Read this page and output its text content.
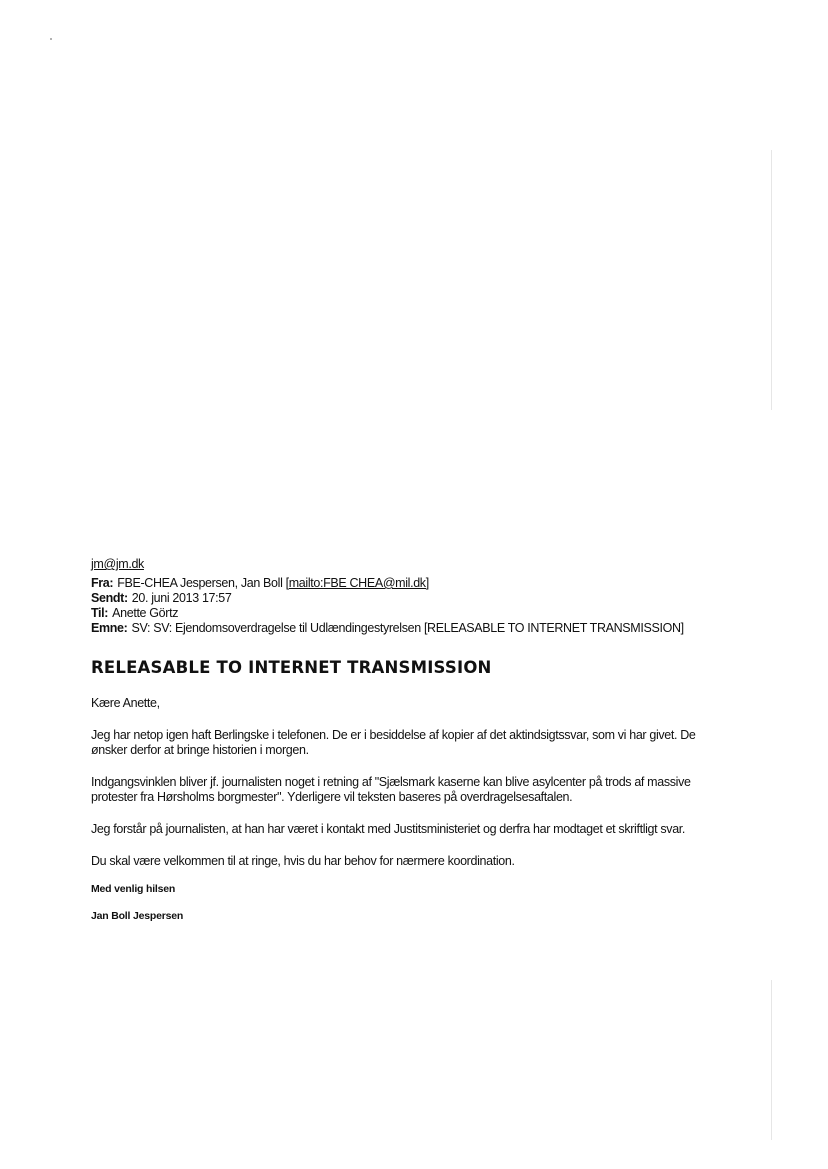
jm@jm.dk
Fra: FBE-CHEA Jespersen, Jan Boll [mailto:FBE CHEA@mil.dk]
Sendt: 20. juni 2013 17:57
Til: Anette Görtz
Emne: SV: SV: Ejendomsoverdragelse til Udlændingestyrelsen [RELEASABLE TO INTERNET TRANSMISSION]
RELEASABLE TO INTERNET TRANSMISSION
Kære Anette,
Jeg har netop igen haft Berlingske i telefonen. De er i besiddelse af kopier af det aktindsigtssvar, som vi har givet. De ønsker derfor at bringe historien i morgen.
Indgangsvinklen bliver jf. journalisten noget i retning af "Sjælsmark kaserne kan blive asylcenter på trods af massive protester fra Hørsholms borgmester". Yderligere vil teksten baseres på overdragelsesaftalen.
Jeg forstår på journalisten, at han har været i kontakt med Justitsministeriet og derfra har modtaget et skriftligt svar.
Du skal være velkommen til at ringe, hvis du har behov for nærmere koordination.
Med venlig hilsen
Jan Boll Jespersen
